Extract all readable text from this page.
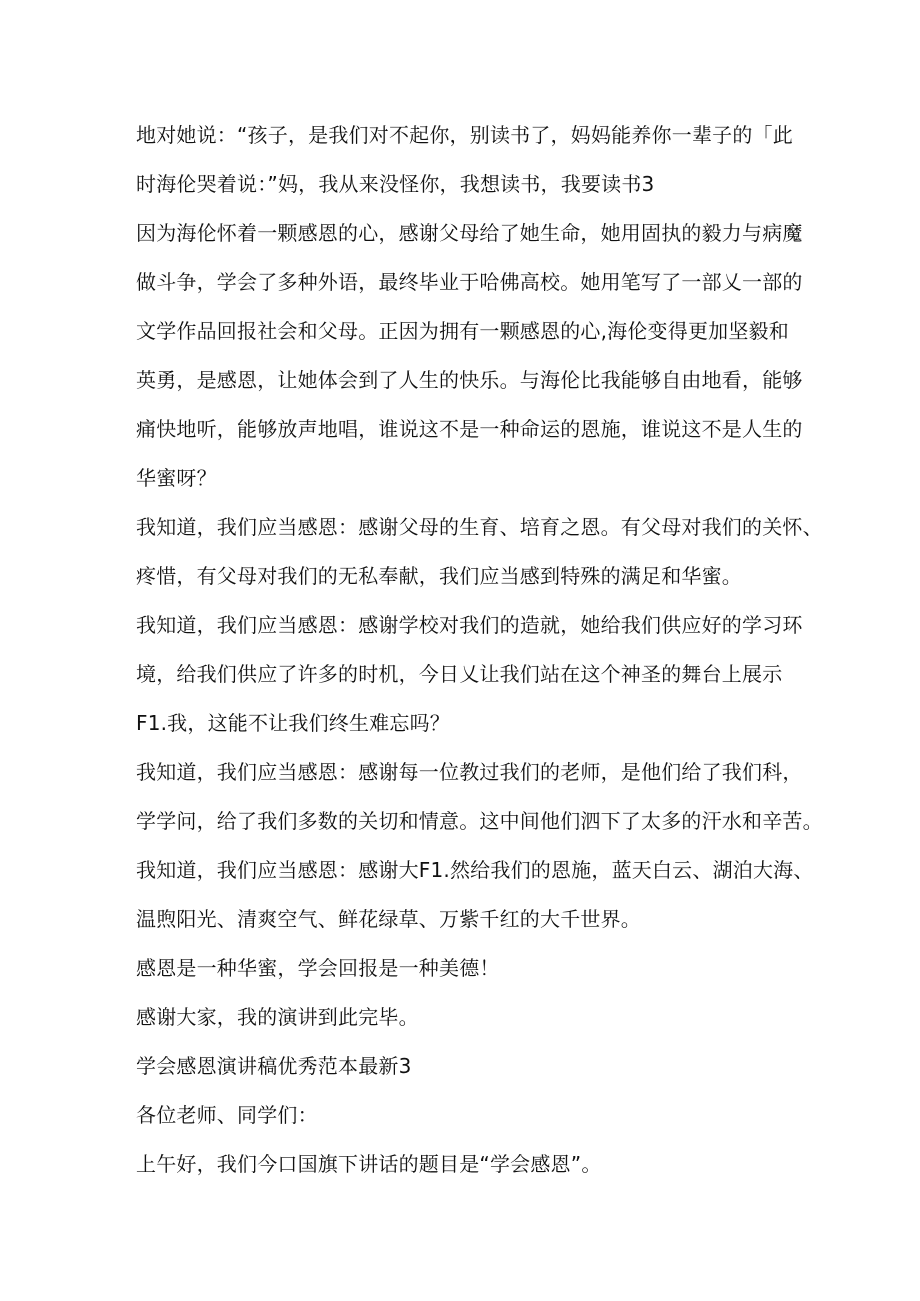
地对她说：“孩子，是我们对不起你，别读书了，妈妈能养你一辈子的「此
时海伦哭着说：”妈，我从来没怪你，我想读书，我要读书3
因为海伦怀着一颗感恩的心，感谢父母给了她生命，她用固执的毅力与病魔
做斗争，学会了多种外语，最终毕业于哈佛高校。她用笔写了一部乂一部的
文学作品回报社会和父母。正因为拥有一颗感恩的心,海伦变得更加坚毅和
英勇，是感恩，让她体会到了人生的快乐。与海伦比我能够自由地看，能够
痛快地听，能够放声地唱，谁说这不是一种命运的恩施，谁说这不是人生的
华蜜呀？
我知道，我们应当感恩：感谢父母的生育、培育之恩。有父母对我们的关怀、
疼惜，有父母对我们的无私奉献，我们应当感到特殊的满足和华蜜。
我知道，我们应当感恩：感谢学校对我们的造就，她给我们供应好的学习环
境，给我们供应了许多的时机，今日乂让我们站在这个神圣的舞台上展示
F1.我，这能不让我们终生难忘吗？
我知道，我们应当感恩：感谢每一位教过我们的老师，是他们给了我们科，
学学问，给了我们多数的关切和情意。这中间他们泗下了太多的汗水和辛苦。
我知道，我们应当感恩：感谢大F1.然给我们的恩施，蓝天白云、湖泊大海、
温煦阳光、清爽空气、鲜花绿草、万紫千红的大千世界。
感恩是一种华蜜，学会回报是一种美德！
感谢大家，我的演讲到此完毕。
学会感恩演讲稿优秀范本最新3
各位老师、同学们：
上午好，我们今口国旗下讲话的题目是“学会感恩”。
